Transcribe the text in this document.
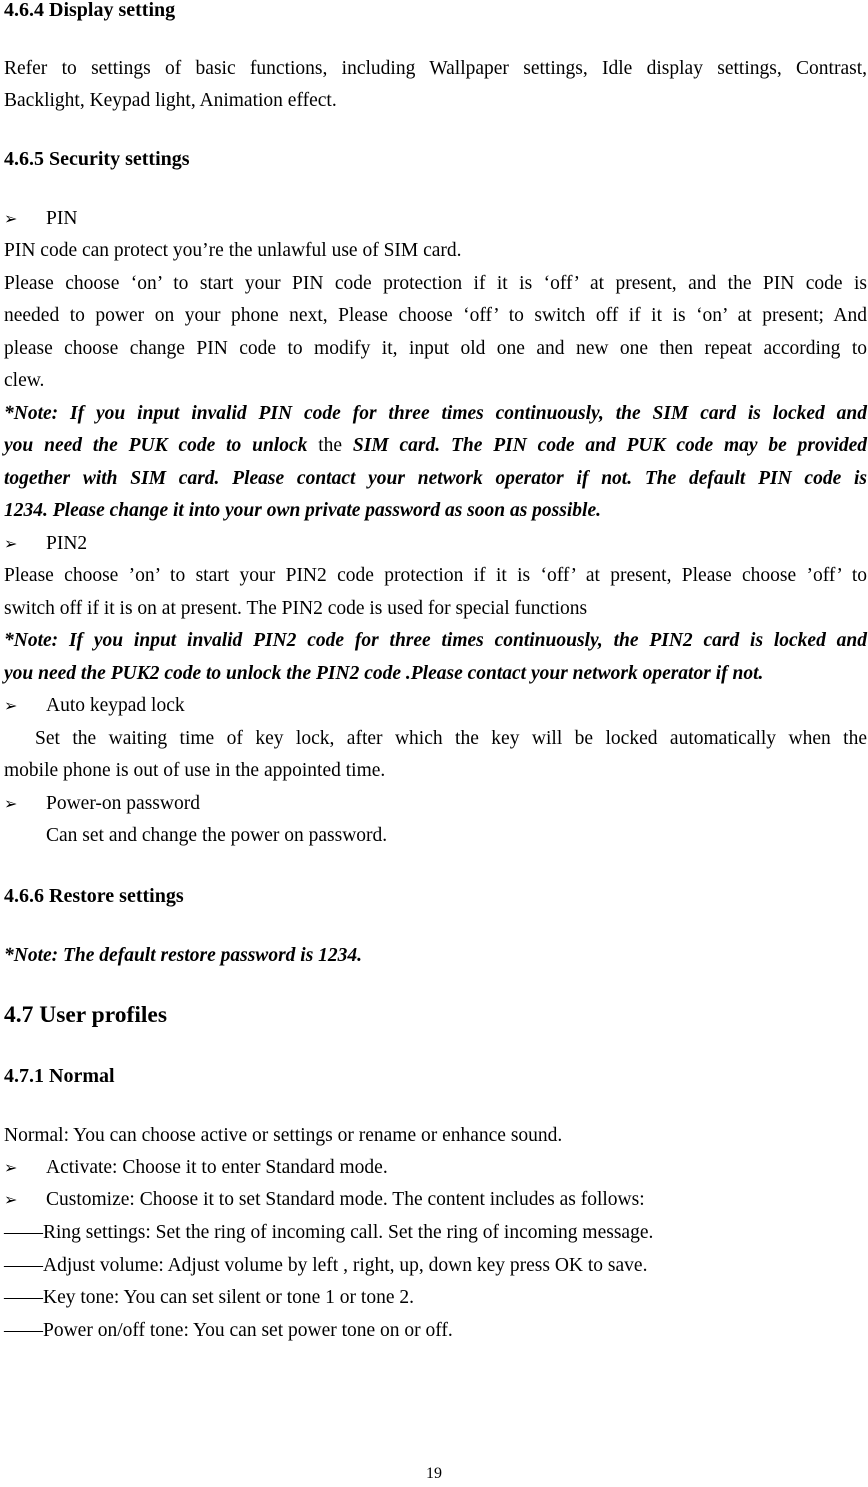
4.6.4 Display setting
Refer to settings of basic functions, including Wallpaper settings, Idle display settings, Contrast,
Backlight, Keypad light, Animation effect.
4.6.5 Security settings
➢ PIN
PIN code can protect you’re the unlawful use of SIM card.
Please choose ‘on’ to start your PIN code protection if it is ‘off’ at present, and the PIN code is
needed to power on your phone next, Please choose ‘off’ to switch off if it is ‘on’ at present; And
please choose change PIN code to modify it, input old one and new one then repeat according to
clew.
*Note: If you input invalid PIN code for three times continuously, the SIM card is locked and
you need the PUK code to unlock the SIM card. The PIN code and PUK code may be provided
together with SIM card. Please contact your network operator if not. The default PIN code is
1234. Please change it into your own private password as soon as possible.
➢ PIN2
Please choose ’on’ to start your PIN2 code protection if it is ‘off’ at present, Please choose ’off’ to
switch off if it is on at present. The PIN2 code is used for special functions
*Note: If you input invalid PIN2 code for three times continuously, the PIN2 card is locked and
you need the PUK2 code to unlock the PIN2 code .Please contact your network operator if not.
➢ Auto keypad lock
Set the waiting time of key lock, after which the key will be locked automatically when the
mobile phone is out of use in the appointed time.
➢ Power-on password
Can set and change the power on password.
4.6.6 Restore settings
*Note: The default restore password is 1234.
4.7 User profiles
4.7.1 Normal
Normal: You can choose active or settings or rename or enhance sound.
➢ Activate: Choose it to enter Standard mode.
➢ Customize: Choose it to set Standard mode. The content includes as follows:
——Ring settings: Set the ring of incoming call. Set the ring of incoming message.
——Adjust volume: Adjust volume by left , right, up, down key press OK to save.
——Key tone: You can set silent or tone 1 or tone 2.
——Power on/off tone: You can set power tone on or off.
19
